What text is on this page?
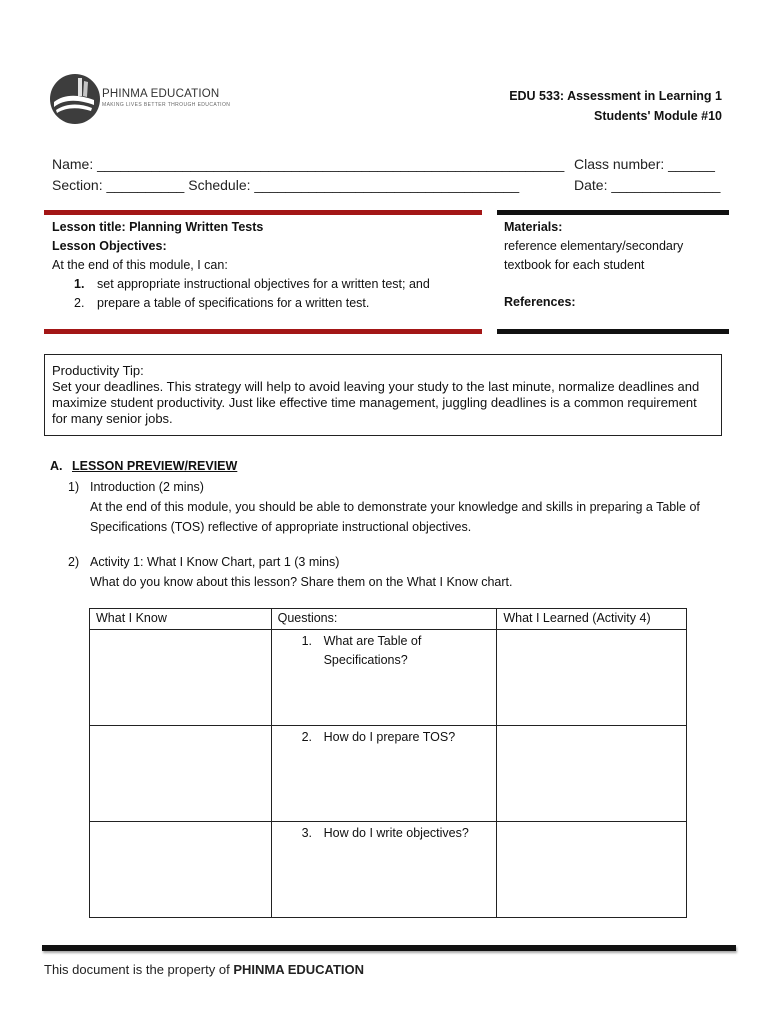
PHINMA EDUCATION
MAKING LIVES BETTER THROUGH EDUCATION
EDU 533: Assessment in Learning 1
Students' Module #10
Name: ____________________________________________________________
Section: __________ Schedule: __________________________________
Class number: ______
Date: ______________
Lesson title: Planning Written Tests
Lesson Objectives:
At the end of this module, I can:
1. set appropriate instructional objectives for a written test; and
2. prepare a table of specifications for a written test.
Materials:
reference elementary/secondary
textbook for each student
References:
Productivity Tip:
Set your deadlines. This strategy will help to avoid leaving your study to the last minute, normalize deadlines and maximize student productivity. Just like effective time management, juggling deadlines is a common requirement for many senior jobs.
A. LESSON PREVIEW/REVIEW
1) Introduction (2 mins)
At the end of this module, you should be able to demonstrate your knowledge and skills in preparing a Table of Specifications (TOS) reflective of appropriate instructional objectives.
2) Activity 1: What I Know Chart, part 1 (3 mins)
What do you know about this lesson? Share them on the What I Know chart.
What I Know	Questions:	What I Learned (Activity 4)

	1. What are Table of Specifications?	

	2. How do I prepare TOS?	

	3. How do I write objectives?	

This document is the property of PHINMA EDUCATION
